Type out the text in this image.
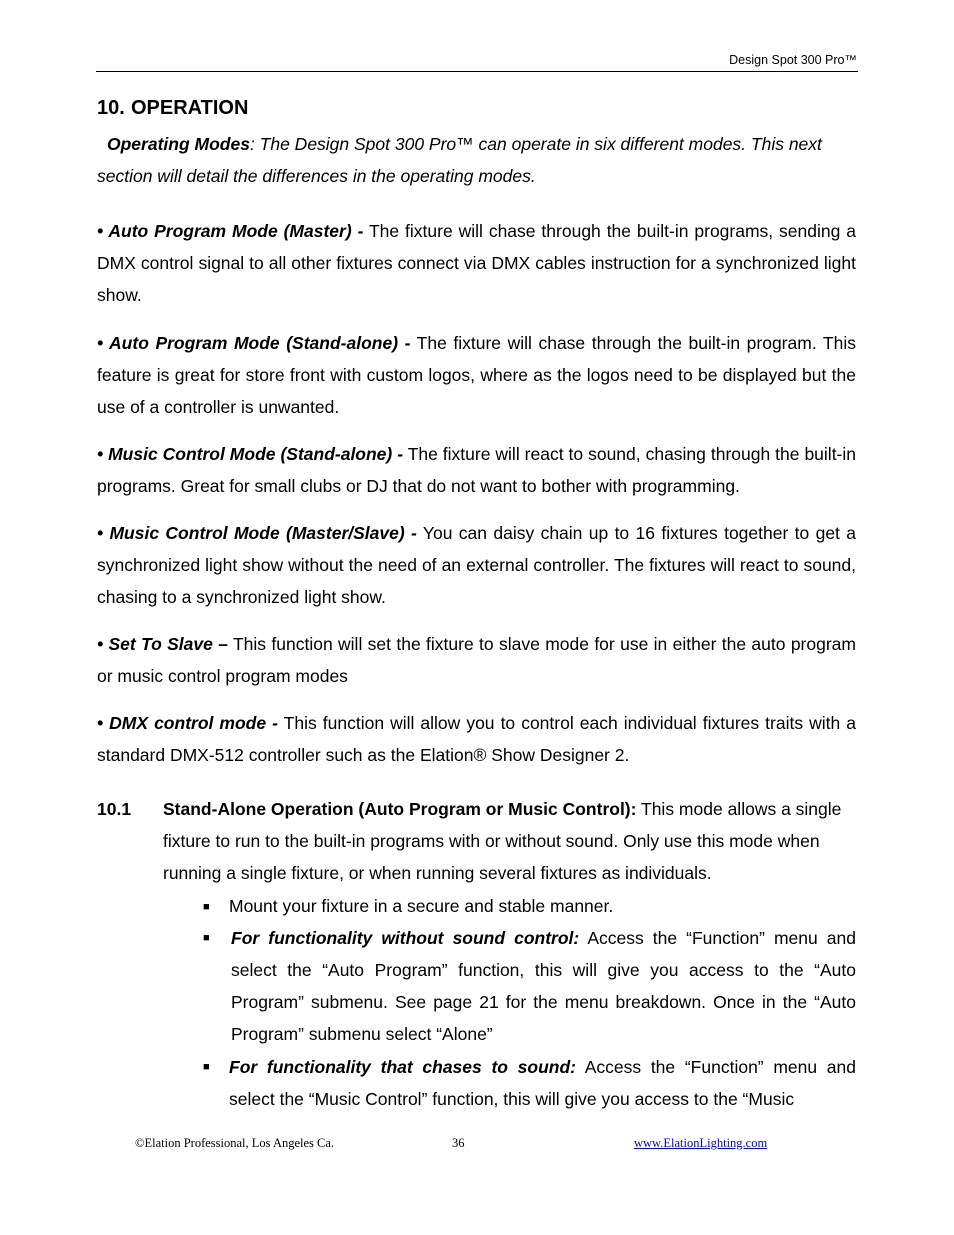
Design Spot 300 Pro™
10. OPERATION
Operating Modes: The Design Spot 300 Pro™ can operate in six different modes. This next section will detail the differences in the operating modes.
• Auto Program Mode (Master) - The fixture will chase through the built-in programs, sending a DMX control signal to all other fixtures connect via DMX cables instruction for a synchronized light show.
• Auto Program Mode (Stand-alone) - The fixture will chase through the built-in program. This feature is great for store front with custom logos, where as the logos need to be displayed but the use of a controller is unwanted.
• Music Control Mode (Stand-alone) - The fixture will react to sound, chasing through the built-in programs. Great for small clubs or DJ that do not want to bother with programming.
• Music Control Mode (Master/Slave) - You can daisy chain up to 16 fixtures together to get a synchronized light show without the need of an external controller. The fixtures will react to sound, chasing to a synchronized light show.
• Set To Slave – This function will set the fixture to slave mode for use in either the auto program or music control program modes
• DMX control mode - This function will allow you to control each individual fixtures traits with a standard DMX-512 controller such as the Elation® Show Designer 2.
10.1 Stand-Alone Operation (Auto Program or Music Control): This mode allows a single fixture to run to the built-in programs with or without sound. Only use this mode when running a single fixture, or when running several fixtures as individuals.
■ Mount your fixture in a secure and stable manner.
■ For functionality without sound control: Access the “Function” menu and select the “Auto Program” function, this will give you access to the “Auto Program” submenu. See page 21 for the menu breakdown. Once in the “Auto Program” submenu select “Alone”
■ For functionality that chases to sound: Access the “Function” menu and select the “Music Control” function, this will give you access to the “Music
©Elation Professional, Los Angeles Ca.	36	www.ElationLighting.com
